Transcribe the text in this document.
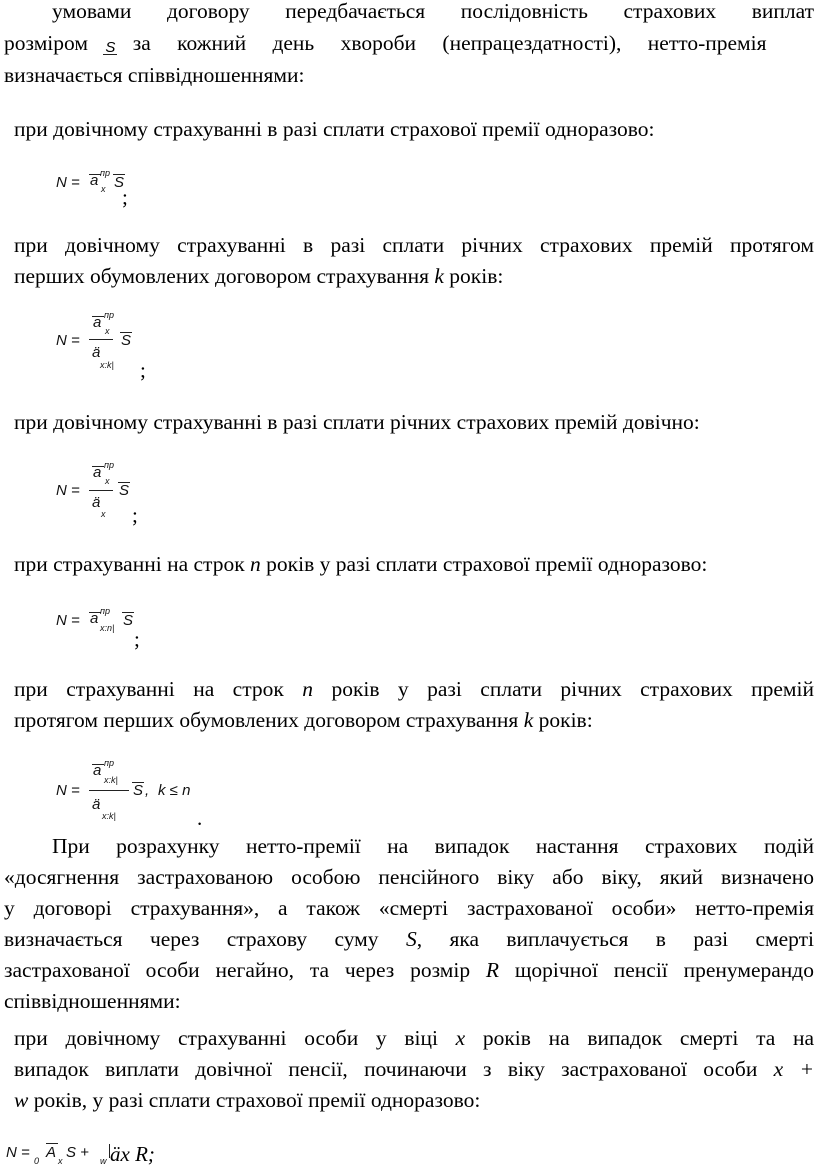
умовами договору передбачається послідовність страхових виплат
розміром S за кожний день хвороби (непрацездатності), нетто-премія
визначається співвідношеннями:
при довічному страхуванні в разі сплати страхової премії одноразово:
N = a пр
x S
;
при довічному страхуванні в разі сплати річних страхових премій протягом
перших обумовлених договором страхування k років:
N =
a пр
x
ä
x:k|
S
;
при довічному страхуванні в разі сплати річних страхових премій довічно:
N =
a пр
x
ä
x
S
;
при страхуванні на строк n років у разі сплати страхової премії одноразово:
N = a пр
x:n| S
;
при страхуванні на строк n років у разі сплати річних страхових премій
протягом перших обумовлених договором страхування k років:
N =
a пр
x:k|
ä
x:k|
S , k ≤ n
.
При розрахунку нетто-премії на випадок настання страхових подій
«досягнення застрахованою особою пенсійного віку або віку, який визначено
у договорі страхування», а також «смерті застрахованої особи» нетто-премія
визначається через страхову суму S, яка виплачується в разі смерті
застрахованої особи негайно, та через розмір R щорічної пенсії пренумерандо
співвідношеннями:
при довічному страхуванні особи у віці x років на випадок смерті та на
випадок виплати довічної пенсії, починаючи з віку застрахованої особи x +
w років, у разі сплати страхової премії одноразово:
N = 0 A x S + w äx R;
